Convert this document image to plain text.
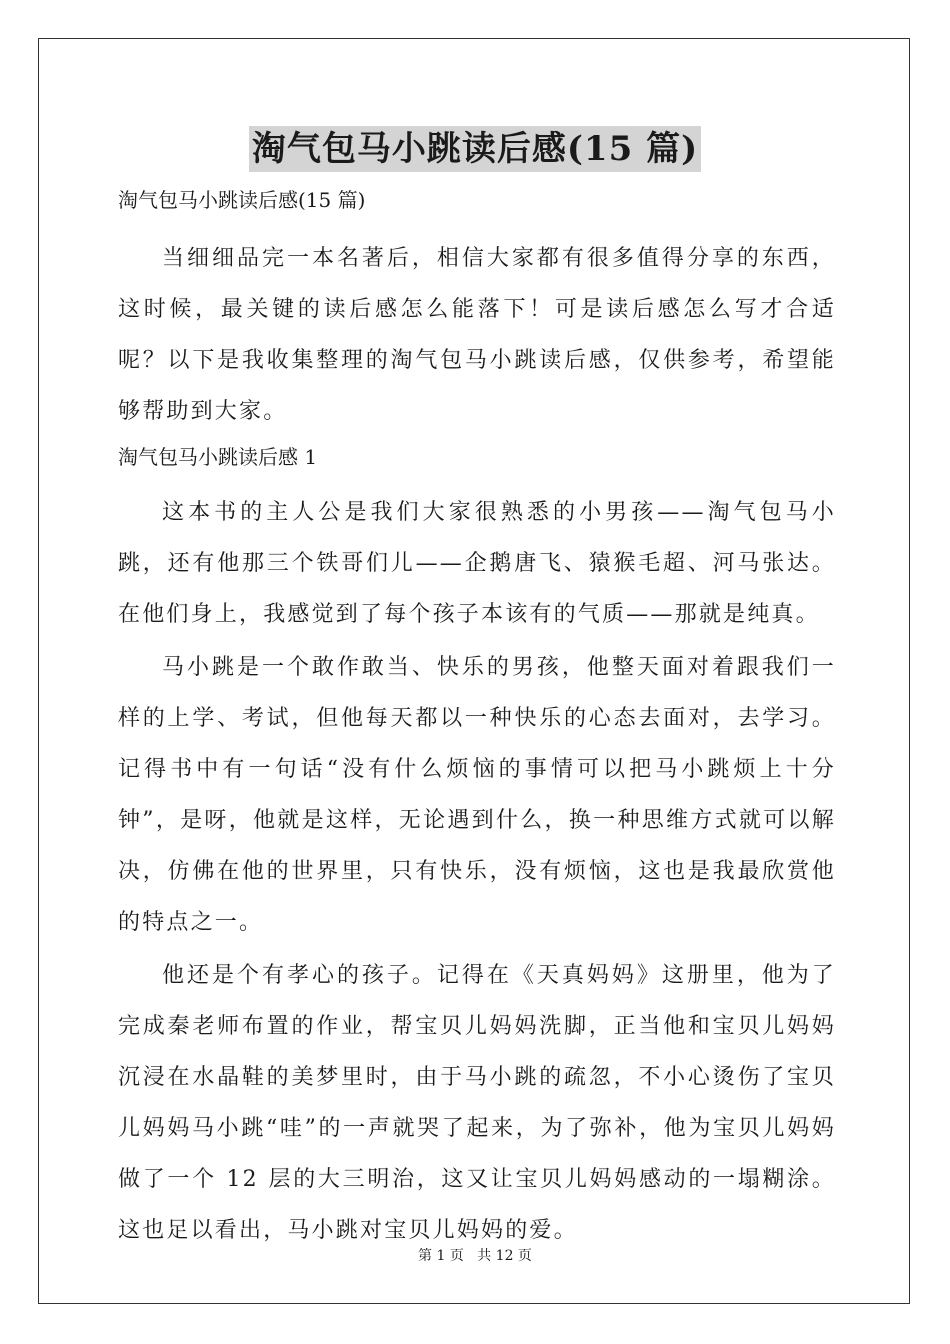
淘气包马小跳读后感(15 篇)
淘气包马小跳读后感(15 篇)

当细细品完一本名著后，相信大家都有很多值得分享的东西，这时候，最关键的读后感怎么能落下！可是读后感怎么写才合适呢？以下是我收集整理的淘气包马小跳读后感，仅供参考，希望能够帮助到大家。

淘气包马小跳读后感 1

这本书的主人公是我们大家很熟悉的小男孩——淘气包马小跳，还有他那三个铁哥们儿——企鹅唐飞、猿猴毛超、河马张达。在他们身上，我感觉到了每个孩子本该有的气质——那就是纯真。

马小跳是一个敢作敢当、快乐的男孩，他整天面对着跟我们一样的上学、考试，但他每天都以一种快乐的心态去面对，去学习。记得书中有一句话“没有什么烦恼的事情可以把马小跳烦上十分钟”，是呀，他就是这样，无论遇到什么，换一种思维方式就可以解决，仿佛在他的世界里，只有快乐，没有烦恼，这也是我最欣赏他的特点之一。

他还是个有孝心的孩子。记得在《天真妈妈》这册里，他为了完成秦老师布置的作业，帮宝贝儿妈妈洗脚，正当他和宝贝儿妈妈沉浸在水晶鞋的美梦里时，由于马小跳的疏忽，不小心烫伤了宝贝儿妈妈马小跳“哇”的一声就哭了起来，为了弥补，他为宝贝儿妈妈做了一个 12 层的大三明治，这又让宝贝儿妈妈感动的一塌糊涂。这也足以看出，马小跳对宝贝儿妈妈的爱。

第 1 页 共 12 页
